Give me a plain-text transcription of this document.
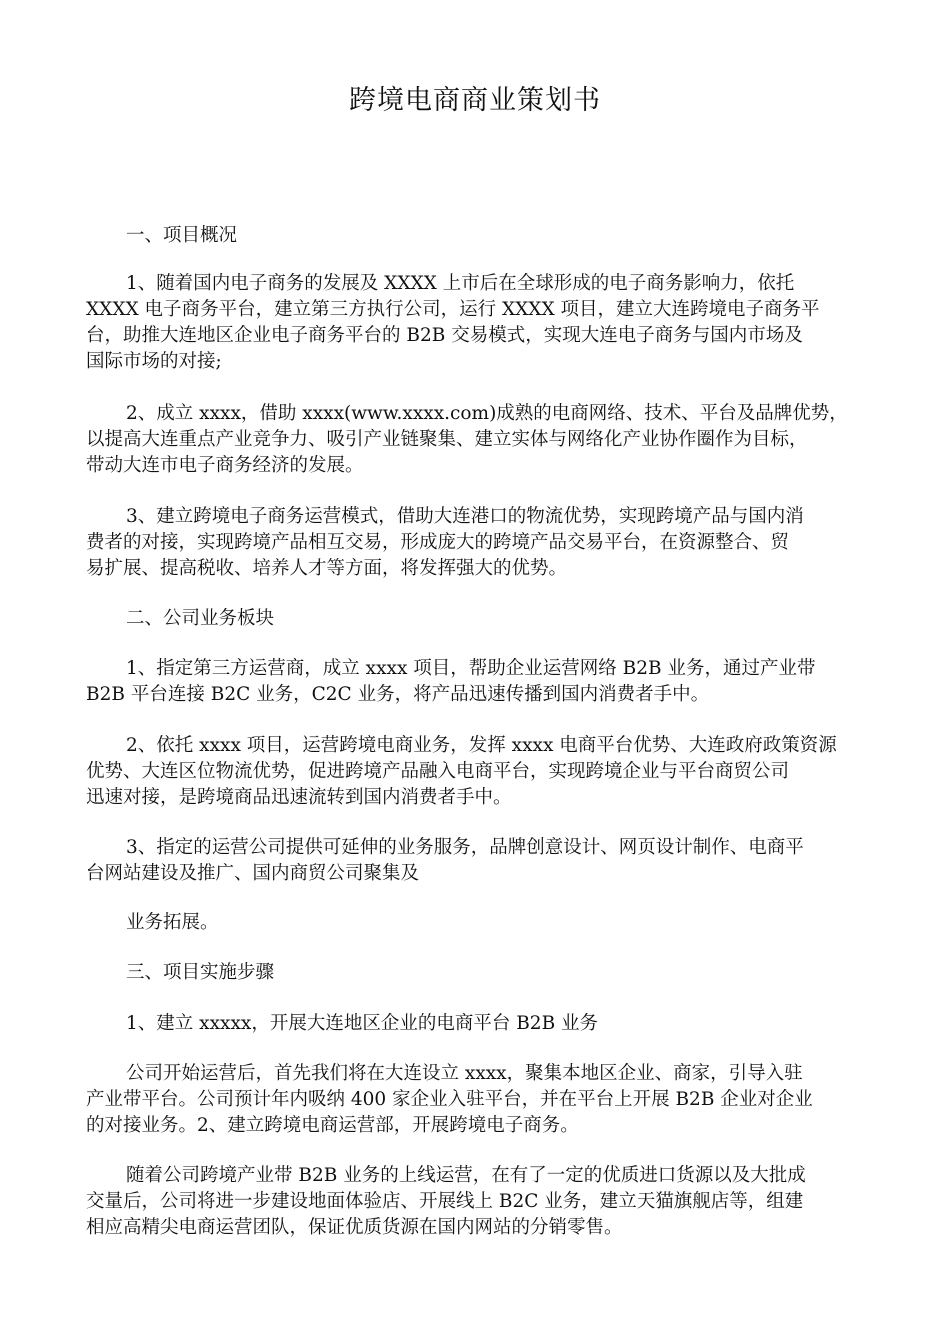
跨境电商商业策划书

一、项目概况

1、随着国内电子商务的发展及 XXXX 上市后在全球形成的电子商务影响力，依托
XXXX 电子商务平台，建立第三方执行公司，运行 XXXX 项目，建立大连跨境电子商务平
台，助推大连地区企业电子商务平台的 B2B 交易模式，实现大连电子商务与国内市场及
国际市场的对接;

2、成立 xxxx，借助 xxxx(www.xxxx.com)成熟的电商网络、技术、平台及品牌优势，
以提高大连重点产业竞争力、吸引产业链聚集、建立实体与网络化产业协作圈作为目标，
带动大连市电子商务经济的发展。

3、建立跨境电子商务运营模式，借助大连港口的物流优势，实现跨境产品与国内消
费者的对接，实现跨境产品相互交易，形成庞大的跨境产品交易平台，在资源整合、贸
易扩展、提高税收、培养人才等方面，将发挥强大的优势。

二、公司业务板块

1、指定第三方运营商，成立 xxxx 项目，帮助企业运营网络 B2B 业务，通过产业带
B2B 平台连接 B2C 业务，C2C 业务，将产品迅速传播到国内消费者手中。

2、依托 xxxx 项目，运营跨境电商业务，发挥 xxxx 电商平台优势、大连政府政策资源
优势、大连区位物流优势，促进跨境产品融入电商平台，实现跨境企业与平台商贸公司
迅速对接，是跨境商品迅速流转到国内消费者手中。

3、指定的运营公司提供可延伸的业务服务，品牌创意设计、网页设计制作、电商平
台网站建设及推广、国内商贸公司聚集及

业务拓展。

三、项目实施步骤

1、建立 xxxxx，开展大连地区企业的电商平台 B2B 业务

公司开始运营后，首先我们将在大连设立 xxxx，聚集本地区企业、商家，引导入驻
产业带平台。公司预计年内吸纳 400 家企业入驻平台，并在平台上开展 B2B 企业对企业
的对接业务。2、建立跨境电商运营部，开展跨境电子商务。

随着公司跨境产业带 B2B 业务的上线运营，在有了一定的优质进口货源以及大批成
交量后，公司将进一步建设地面体验店、开展线上 B2C 业务，建立天猫旗舰店等，组建
相应高精尖电商运营团队，保证优质货源在国内网站的分销零售。
